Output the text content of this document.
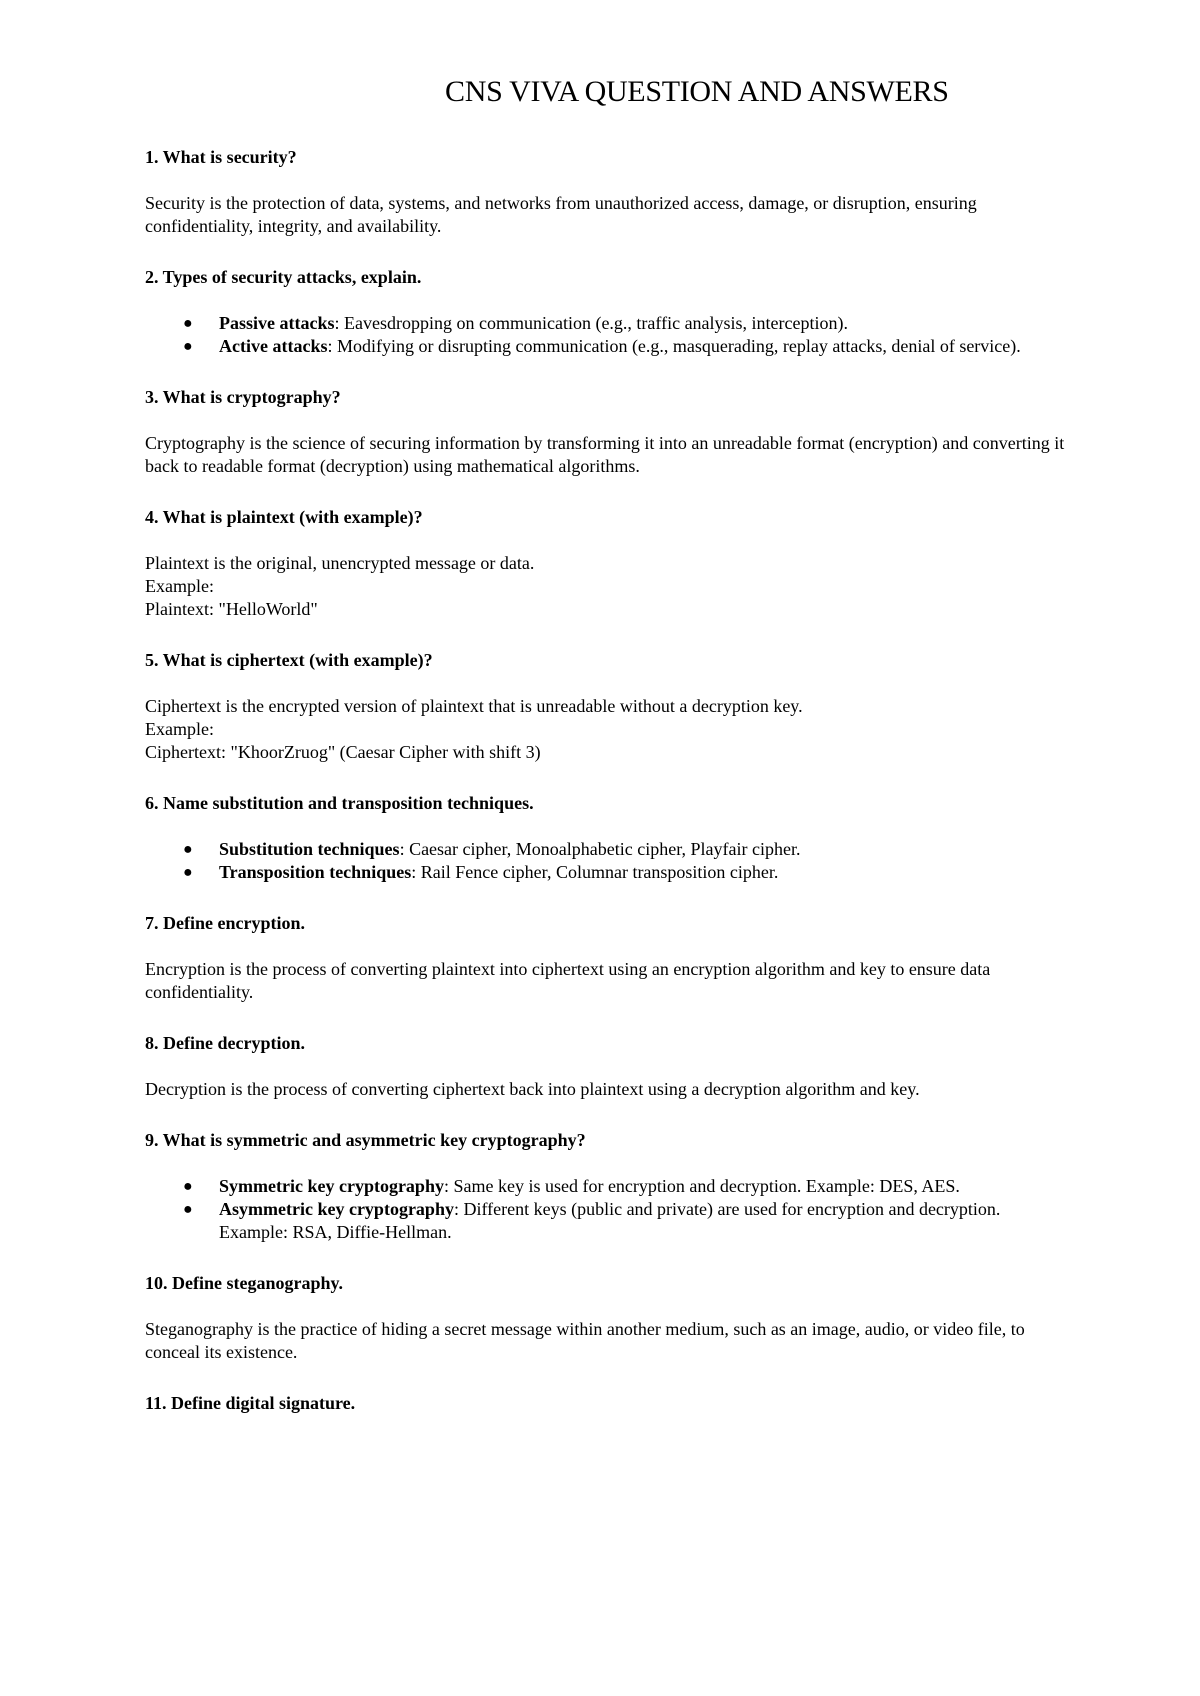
CNS VIVA QUESTION AND ANSWERS

1. What is security?

Security is the protection of data, systems, and networks from unauthorized access, damage, or disruption, ensuring confidentiality, integrity, and availability.

2. Types of security attacks, explain.

● Passive attacks: Eavesdropping on communication (e.g., traffic analysis, interception).
● Active attacks: Modifying or disrupting communication (e.g., masquerading, replay attacks, denial of service).

3. What is cryptography?

Cryptography is the science of securing information by transforming it into an unreadable format (encryption) and converting it back to readable format (decryption) using mathematical algorithms.

4. What is plaintext (with example)?

Plaintext is the original, unencrypted message or data.
Example:
Plaintext: "HelloWorld"

5. What is ciphertext (with example)?

Ciphertext is the encrypted version of plaintext that is unreadable without a decryption key.
Example:
Ciphertext: "KhoorZruog" (Caesar Cipher with shift 3)

6. Name substitution and transposition techniques.

● Substitution techniques: Caesar cipher, Monoalphabetic cipher, Playfair cipher.
● Transposition techniques: Rail Fence cipher, Columnar transposition cipher.

7. Define encryption.

Encryption is the process of converting plaintext into ciphertext using an encryption algorithm and key to ensure data confidentiality.

8. Define decryption.

Decryption is the process of converting ciphertext back into plaintext using a decryption algorithm and key.

9. What is symmetric and asymmetric key cryptography?

● Symmetric key cryptography: Same key is used for encryption and decryption. Example: DES, AES.
● Asymmetric key cryptography: Different keys (public and private) are used for encryption and decryption. Example: RSA, Diffie-Hellman.

10. Define steganography.

Steganography is the practice of hiding a secret message within another medium, such as an image, audio, or video file, to conceal its existence.

11. Define digital signature.
